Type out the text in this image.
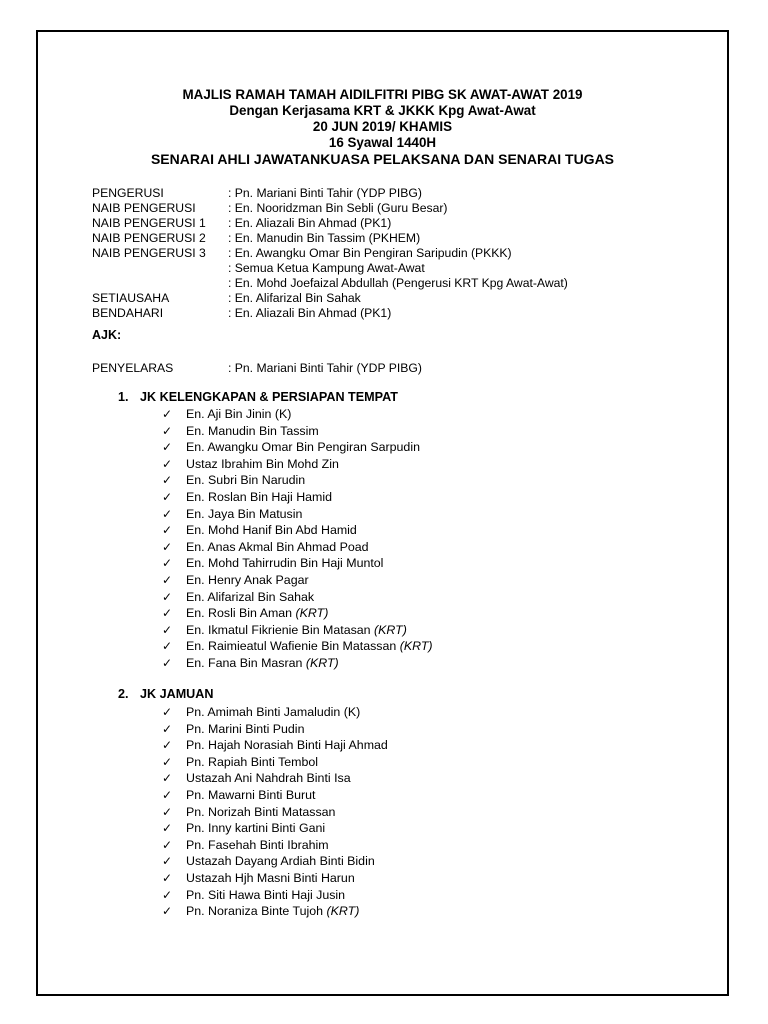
MAJLIS RAMAH TAMAH AIDILFITRI PIBG SK AWAT-AWAT 2019
Dengan Kerjasama KRT & JKKK Kpg Awat-Awat
20 JUN 2019/ KHAMIS
16 Syawal 1440H
SENARAI AHLI JAWATANKUASA PELAKSANA DAN SENARAI TUGAS
PENGERUSI	: Pn. Mariani Binti Tahir (YDP PIBG)
NAIB PENGERUSI	: En. Nooridzman Bin Sebli (Guru Besar)
NAIB PENGERUSI 1	: En. Aliazali Bin Ahmad (PK1)
NAIB PENGERUSI 2	: En. Manudin Bin Tassim (PKHEM)
NAIB PENGERUSI 3	: En. Awangku Omar Bin Pengiran Saripudin (PKKK)
: Semua Ketua Kampung Awat-Awat
: En. Mohd Joefaizal Abdullah (Pengerusi KRT Kpg Awat-Awat)
SETIAUSAHA	: En. Alifarizal Bin Sahak
BENDAHARI	: En. Aliazali Bin Ahmad (PK1)
AJK:
PENYELARAS	: Pn. Mariani Binti Tahir (YDP PIBG)
1. JK KELENGKAPAN & PERSIAPAN TEMPAT
✓	En. Aji Bin Jinin (K)
✓	En. Manudin Bin Tassim
✓	En. Awangku Omar Bin Pengiran Sarpudin
✓	Ustaz Ibrahim Bin Mohd Zin
✓	En. Subri Bin Narudin
✓	En. Roslan Bin Haji Hamid
✓	En. Jaya Bin Matusin
✓	En. Mohd Hanif Bin Abd Hamid
✓	En. Anas Akmal Bin Ahmad Poad
✓	En. Mohd Tahirrudin Bin Haji Muntol
✓	En. Henry Anak Pagar
✓	En. Alifarizal Bin Sahak
✓	En. Rosli Bin Aman
(KRT)
✓	En. Ikmatul Fikrienie Bin Matasan
(KRT)
✓	En. Raimieatul Wafienie Bin Matassan
(KRT)
✓	En. Fana Bin Masran
(KRT)
2. JK JAMUAN
✓	Pn. Amimah Binti Jamaludin (K)
✓	Pn. Marini Binti Pudin
✓	Pn. Hajah Norasiah Binti Haji Ahmad
✓	Pn. Rapiah Binti Tembol
✓	Ustazah Ani Nahdrah Binti Isa
✓	Pn. Mawarni Binti Burut
✓	Pn. Norizah Binti Matassan
✓	Pn. Inny kartini Binti Gani
✓	Pn. Fasehah Binti Ibrahim
✓	Ustazah Dayang Ardiah Binti Bidin
✓	Ustazah Hjh Masni Binti Harun
✓	Pn. Siti Hawa Binti Haji Jusin
✓	Pn. Noraniza Binte Tujoh
(KRT)
